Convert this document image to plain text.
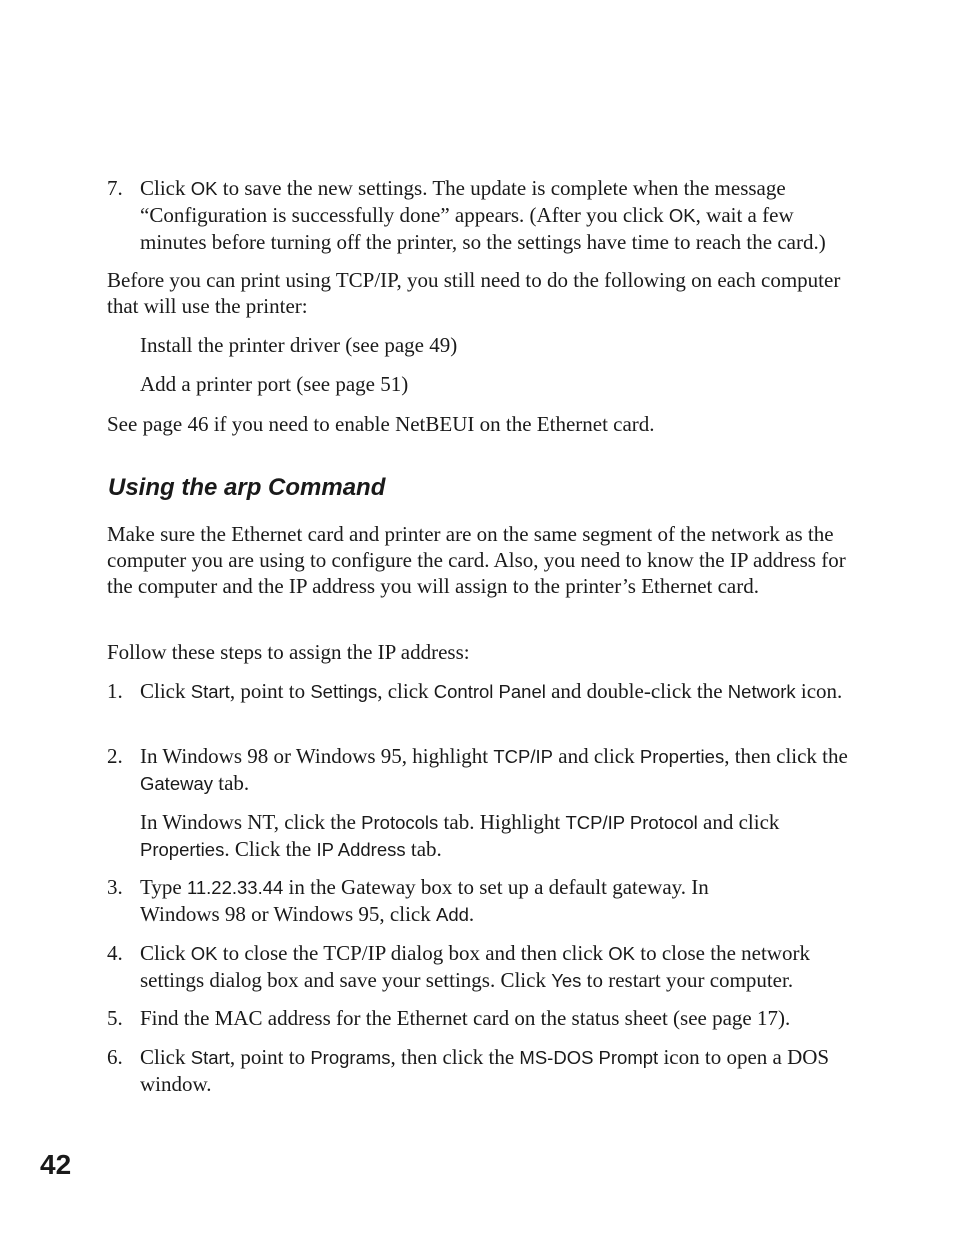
7. Click OK to save the new settings. The update is complete when the message “Configuration is successfully done” appears. (After you click OK, wait a few minutes before turning off the printer, so the settings have time to reach the card.)

Before you can print using TCP/IP, you still need to do the following on each computer that will use the printer:

Install the printer driver (see page 49)

Add a printer port (see page 51)

See page 46 if you need to enable NetBEUI on the Ethernet card.

Using the arp Command

Make sure the Ethernet card and printer are on the same segment of the network as the computer you are using to configure the card. Also, you need to know the IP address for the computer and the IP address you will assign to the printer’s Ethernet card.

Follow these steps to assign the IP address:

1. Click Start, point to Settings, click Control Panel and double-click the Network icon.

2. In Windows 98 or Windows 95, highlight TCP/IP and click Properties, then click the Gateway tab.

In Windows NT, click the Protocols tab. Highlight TCP/IP Protocol and click Properties. Click the IP Address tab.

3. Type 11.22.33.44 in the Gateway box to set up a default gateway. In
Windows 98 or Windows 95, click Add.

4. Click OK to close the TCP/IP dialog box and then click OK to close the network settings dialog box and save your settings. Click Yes to restart your computer.

5. Find the MAC address for the Ethernet card on the status sheet (see page 17).

6. Click Start, point to Programs, then click the MS-DOS Prompt icon to open a DOS window.

42
